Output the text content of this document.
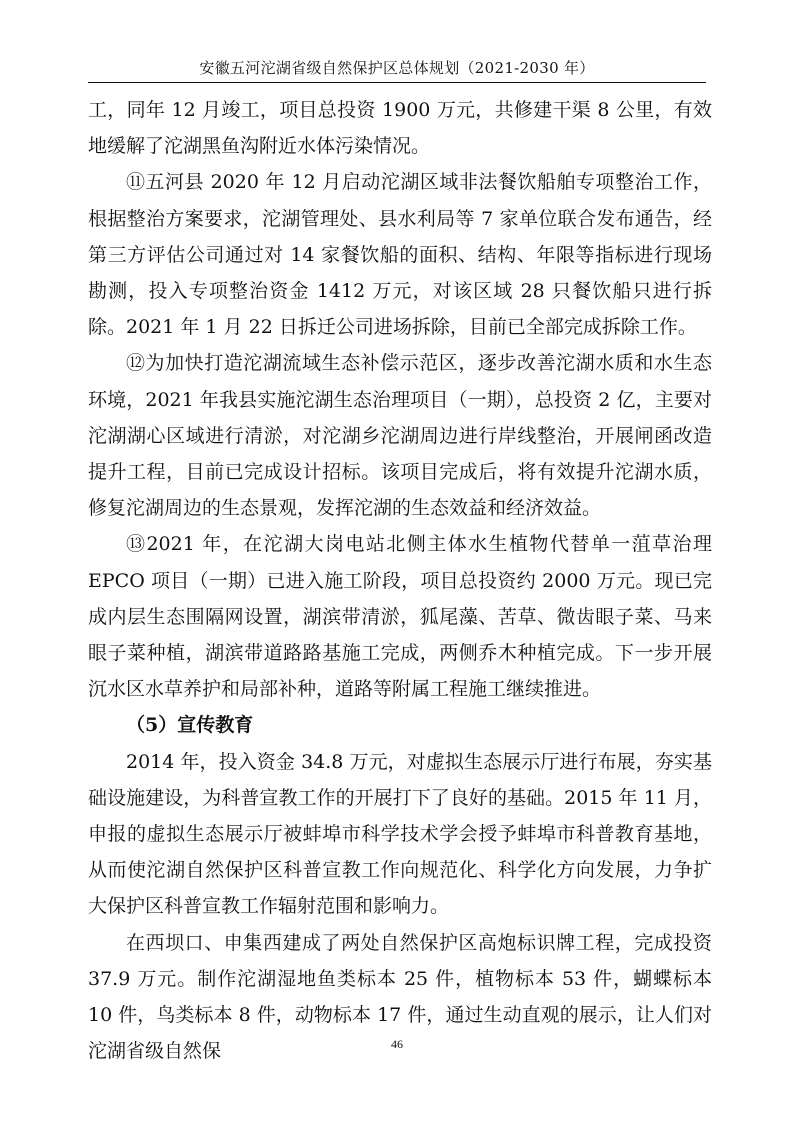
安徽五河沱湖省级自然保护区总体规划（2021-2030 年）

工，同年 12 月竣工，项目总投资 1900 万元，共修建干渠 8 公里，有效地缓解了沱湖黑鱼沟附近水体污染情况。

⑪五河县 2020 年 12 月启动沱湖区域非法餐饮船舶专项整治工作，根据整治方案要求，沱湖管理处、县水利局等 7 家单位联合发布通告，经第三方评估公司通过对 14 家餐饮船的面积、结构、年限等指标进行现场勘测，投入专项整治资金 1412 万元，对该区域 28 只餐饮船只进行拆除。2021 年 1 月 22 日拆迁公司进场拆除，目前已全部完成拆除工作。

⑫为加快打造沱湖流域生态补偿示范区，逐步改善沱湖水质和水生态环境，2021 年我县实施沱湖生态治理项目（一期），总投资 2 亿，主要对沱湖湖心区域进行清淤，对沱湖乡沱湖周边进行岸线整治，开展闸函改造提升工程，目前已完成设计招标。该项目完成后，将有效提升沱湖水质，修复沱湖周边的生态景观，发挥沱湖的生态效益和经济效益。

⑬2021 年，在沱湖大岗电站北侧主体水生植物代替单一菹草治理 EPCO 项目（一期）已进入施工阶段，项目总投资约 2000 万元。现已完成内层生态围隔网设置，湖滨带清淤，狐尾藻、苦草、微齿眼子菜、马来眼子菜种植，湖滨带道路路基施工完成，两侧乔木种植完成。下一步开展沉水区水草养护和局部补种，道路等附属工程施工继续推进。

（5）宣传教育

2014 年，投入资金 34.8 万元，对虚拟生态展示厅进行布展，夯实基础设施建设，为科普宣教工作的开展打下了良好的基础。2015 年 11 月，申报的虚拟生态展示厅被蚌埠市科学技术学会授予蚌埠市科普教育基地，从而使沱湖自然保护区科普宣教工作向规范化、科学化方向发展，力争扩大保护区科普宣教工作辐射范围和影响力。

在西坝口、申集西建成了两处自然保护区高炮标识牌工程，完成投资 37.9 万元。制作沱湖湿地鱼类标本 25 件，植物标本 53 件，蝴蝶标本 10 件，鸟类标本 8 件，动物标本 17 件，通过生动直观的展示，让人们对沱湖省级自然保	46
